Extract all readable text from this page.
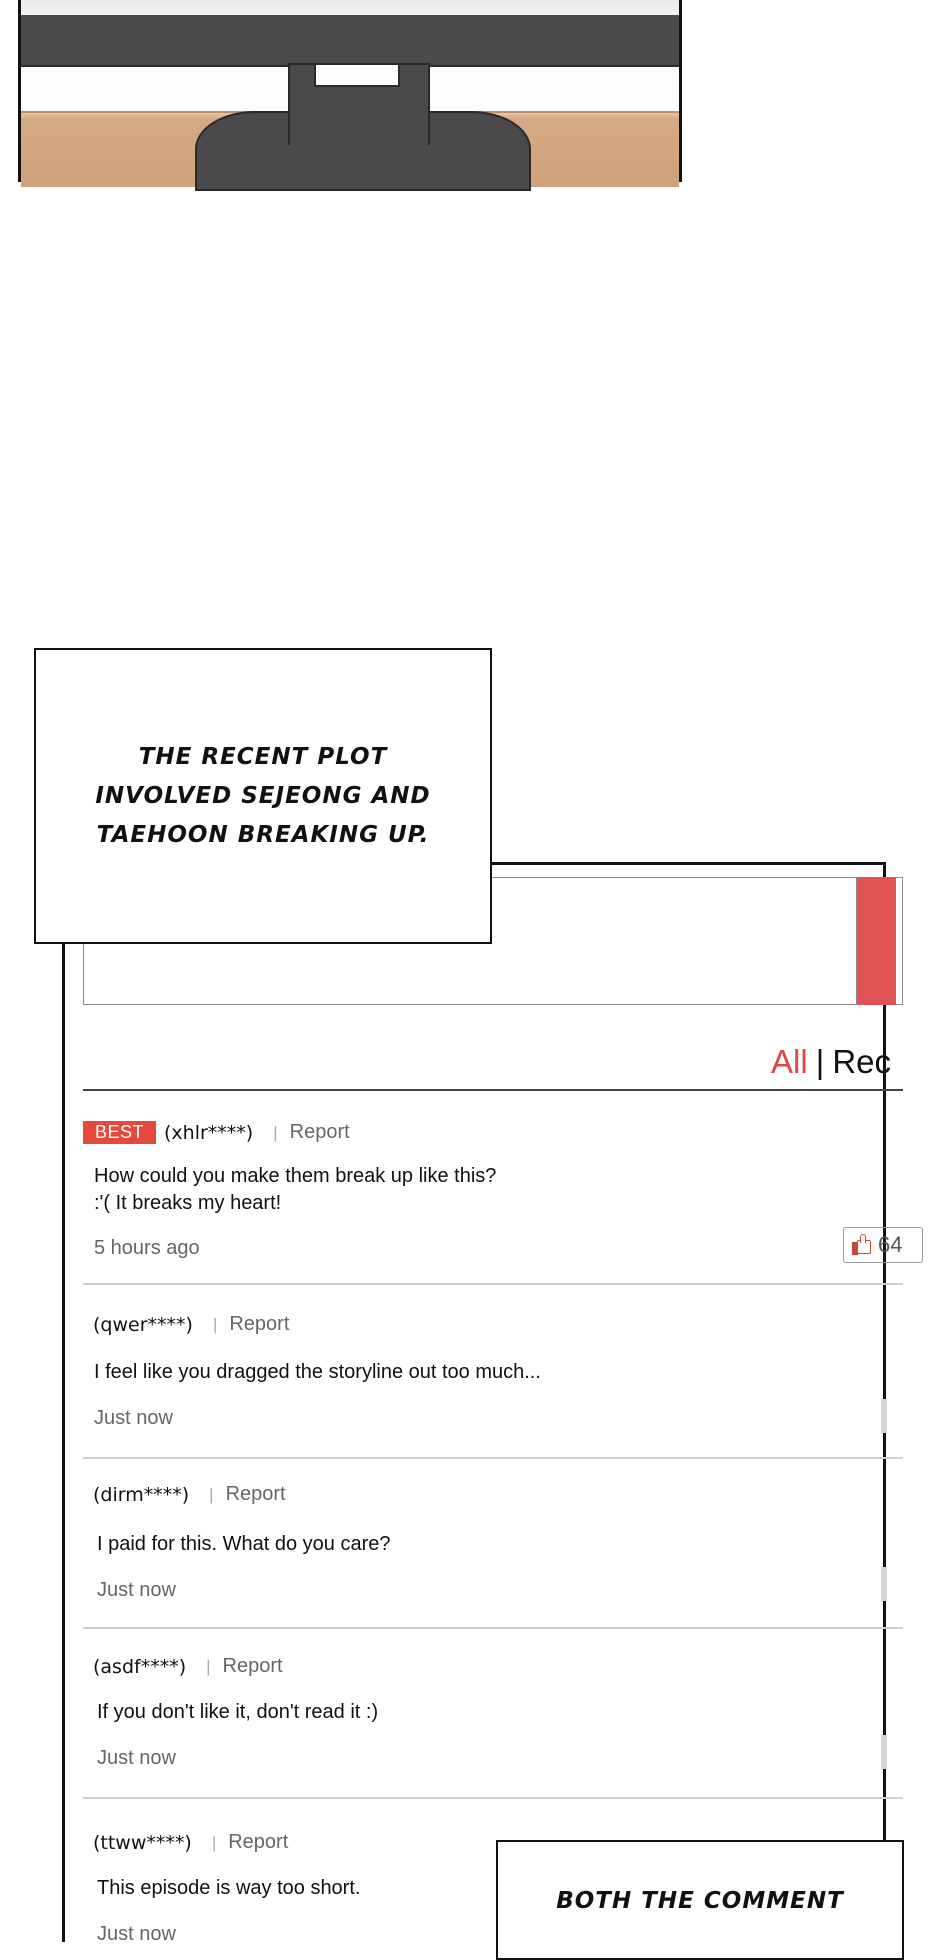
All | Rec
BEST	(xhlr****) | Report
How could you make them break up like this?
:'( It breaks my heart!
5 hours ago	64
(qwer****) | Report
I feel like you dragged the storyline out too much...
Just now
(dirm****) | Report
I paid for this. What do you care?
Just now
(asdf****) | Report
If you don't like it, don't read it :)
Just now
(ttww****) | Report
This episode is way too short.
Just now
THE RECENT PLOT INVOLVED SEJEONG AND TAEHOON BREAKING UP.
BOTH THE COMMENT
